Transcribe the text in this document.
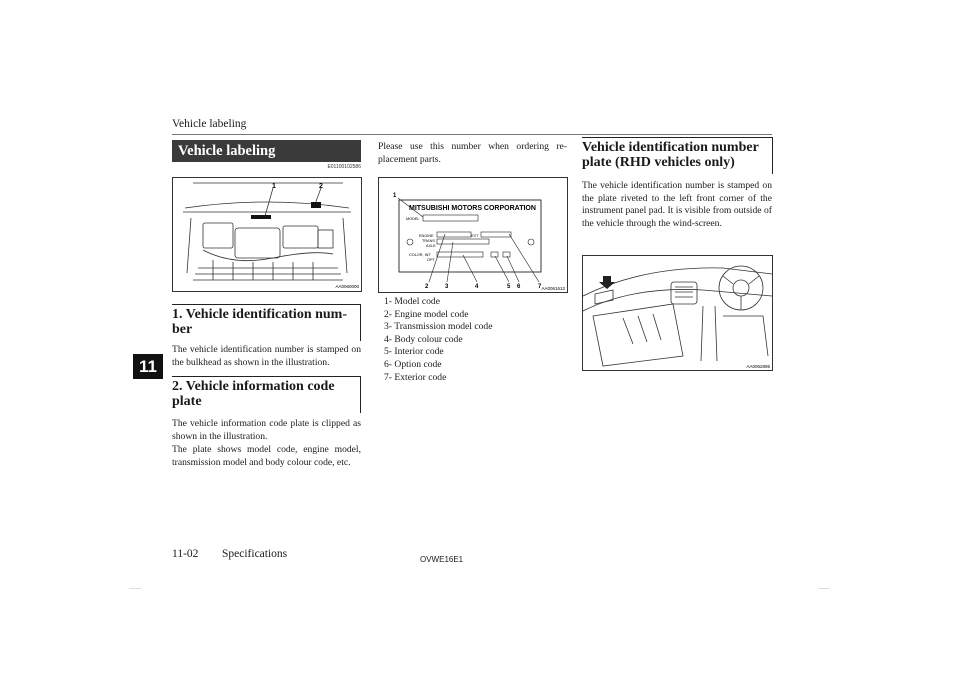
Vehicle labeling
11
Vehicle labeling
E01100102586
1	2
AA0060000
1. Vehicle identification num-ber
The vehicle identification number is stamped on the bulkhead as shown in the illustration.
2. Vehicle information code plate
The vehicle information code plate is clipped as shown in the illustration.
The plate shows model code, engine model, transmission model and body colour code, etc.
Please use this number when ordering re-placement parts.
MITSUBISHI MOTORS CORPORATION
MODEL
ENGINE
TRANS
AXLE
EXT
COLOR, INT
OPT
1
2	3	4	5 6	7 AA0061612
1- Model code
2- Engine model code
3- Transmission model code
4- Body colour code
5- Interior code
6- Option code
7- Exterior code
Vehicle identification number plate (RHD vehicles only)
The vehicle identification number is stamped on the plate riveted to the left front corner of the instrument panel pad. It is visible from outside of the vehicle through the wind-screen.
AA0062895
11-02 Specifications	OVWE16E1
